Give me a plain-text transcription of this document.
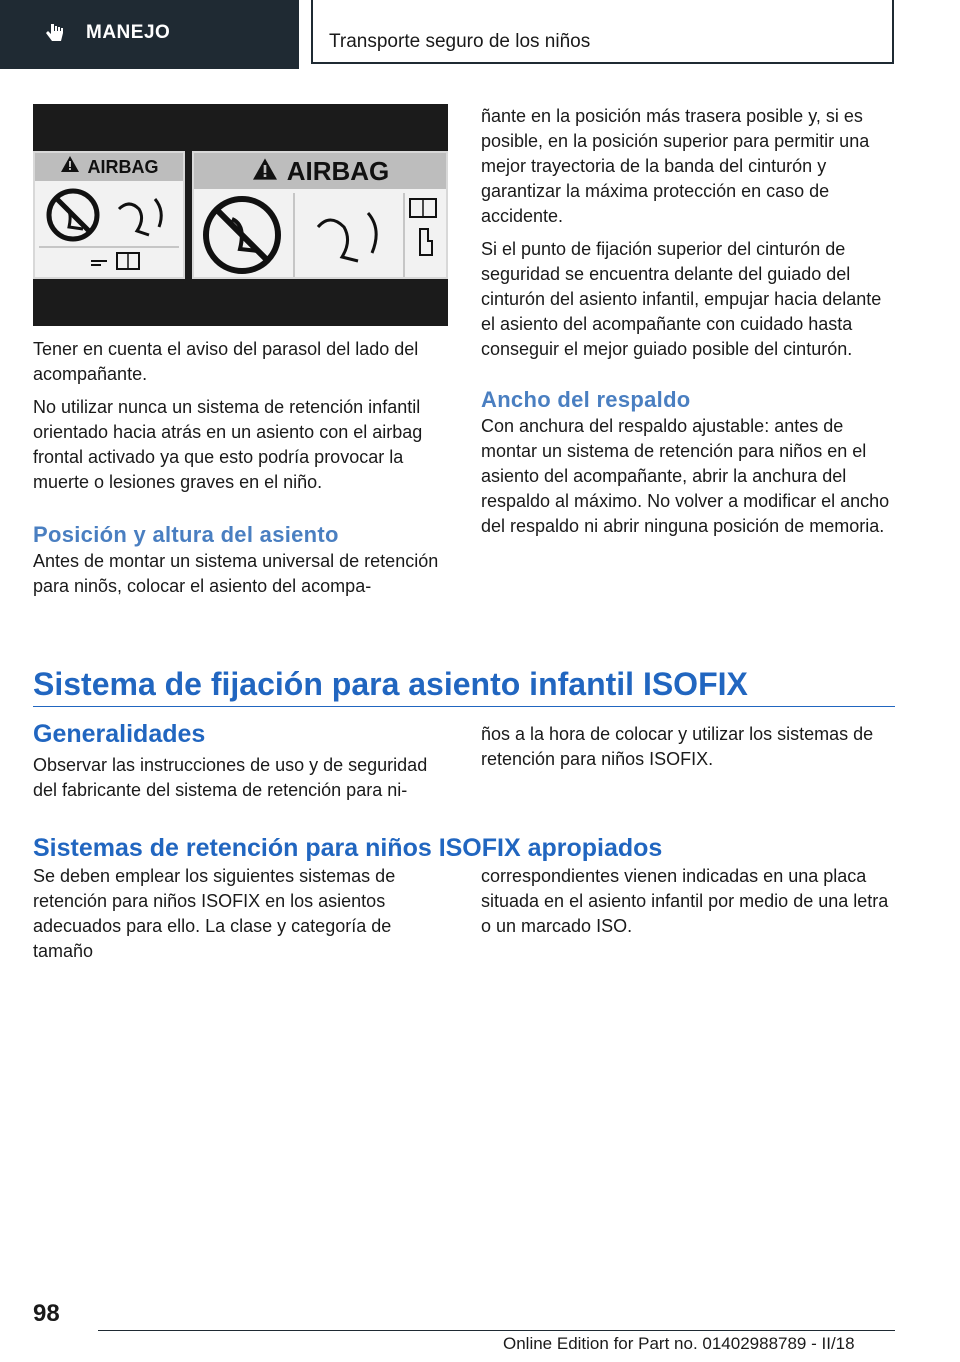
MANEJO	Transporte seguro de los niños
AIRBAG	AIRBAG

Tener en cuenta el aviso del parasol del lado del acompañante.

No utilizar nunca un sistema de retención infantil orientado hacia atrás en un asiento con el airbag frontal activado ya que esto podría provocar la muerte o lesiones graves en el niño.

Posición y altura del asiento

Antes de montar un sistema universal de retención para ninõs, colocar el asiento del acompa-

ñante en la posición más trasera posible y, si es posible, en la posición superior para permitir una mejor trayectoria de la banda del cinturón y garantizar la máxima protección en caso de accidente.

Si el punto de fijación superior del cinturón de seguridad se encuentra delante del guiado del cinturón del asiento infantil, empujar hacia delante el asiento del acompañante con cuidado hasta conseguir el mejor guiado posible del cinturón.

Ancho del respaldo

Con anchura del respaldo ajustable: antes de montar un sistema de retención para niños en el asiento del acompañante, abrir la anchura del respaldo al máximo. No volver a modificar el ancho del respaldo ni abrir ninguna posición de memoria.

Sistema de fijación para asiento infantil ISOFIX
Generalidades

Observar las instrucciones de uso y de seguridad del fabricante del sistema de retención para ni-

ños a la hora de colocar y utilizar los sistemas de retención para niños ISOFIX.

Sistemas de retención para niños ISOFIX apropiados

Se deben emplear los siguientes sistemas de retención para niños ISOFIX en los asientos adecuados para ello. La clase y categoría de tamaño

correspondientes vienen indicadas en una placa situada en el asiento infantil por medio de una letra o un marcado ISO.

98
Online Edition for Part no. 01402988789 - II/18
